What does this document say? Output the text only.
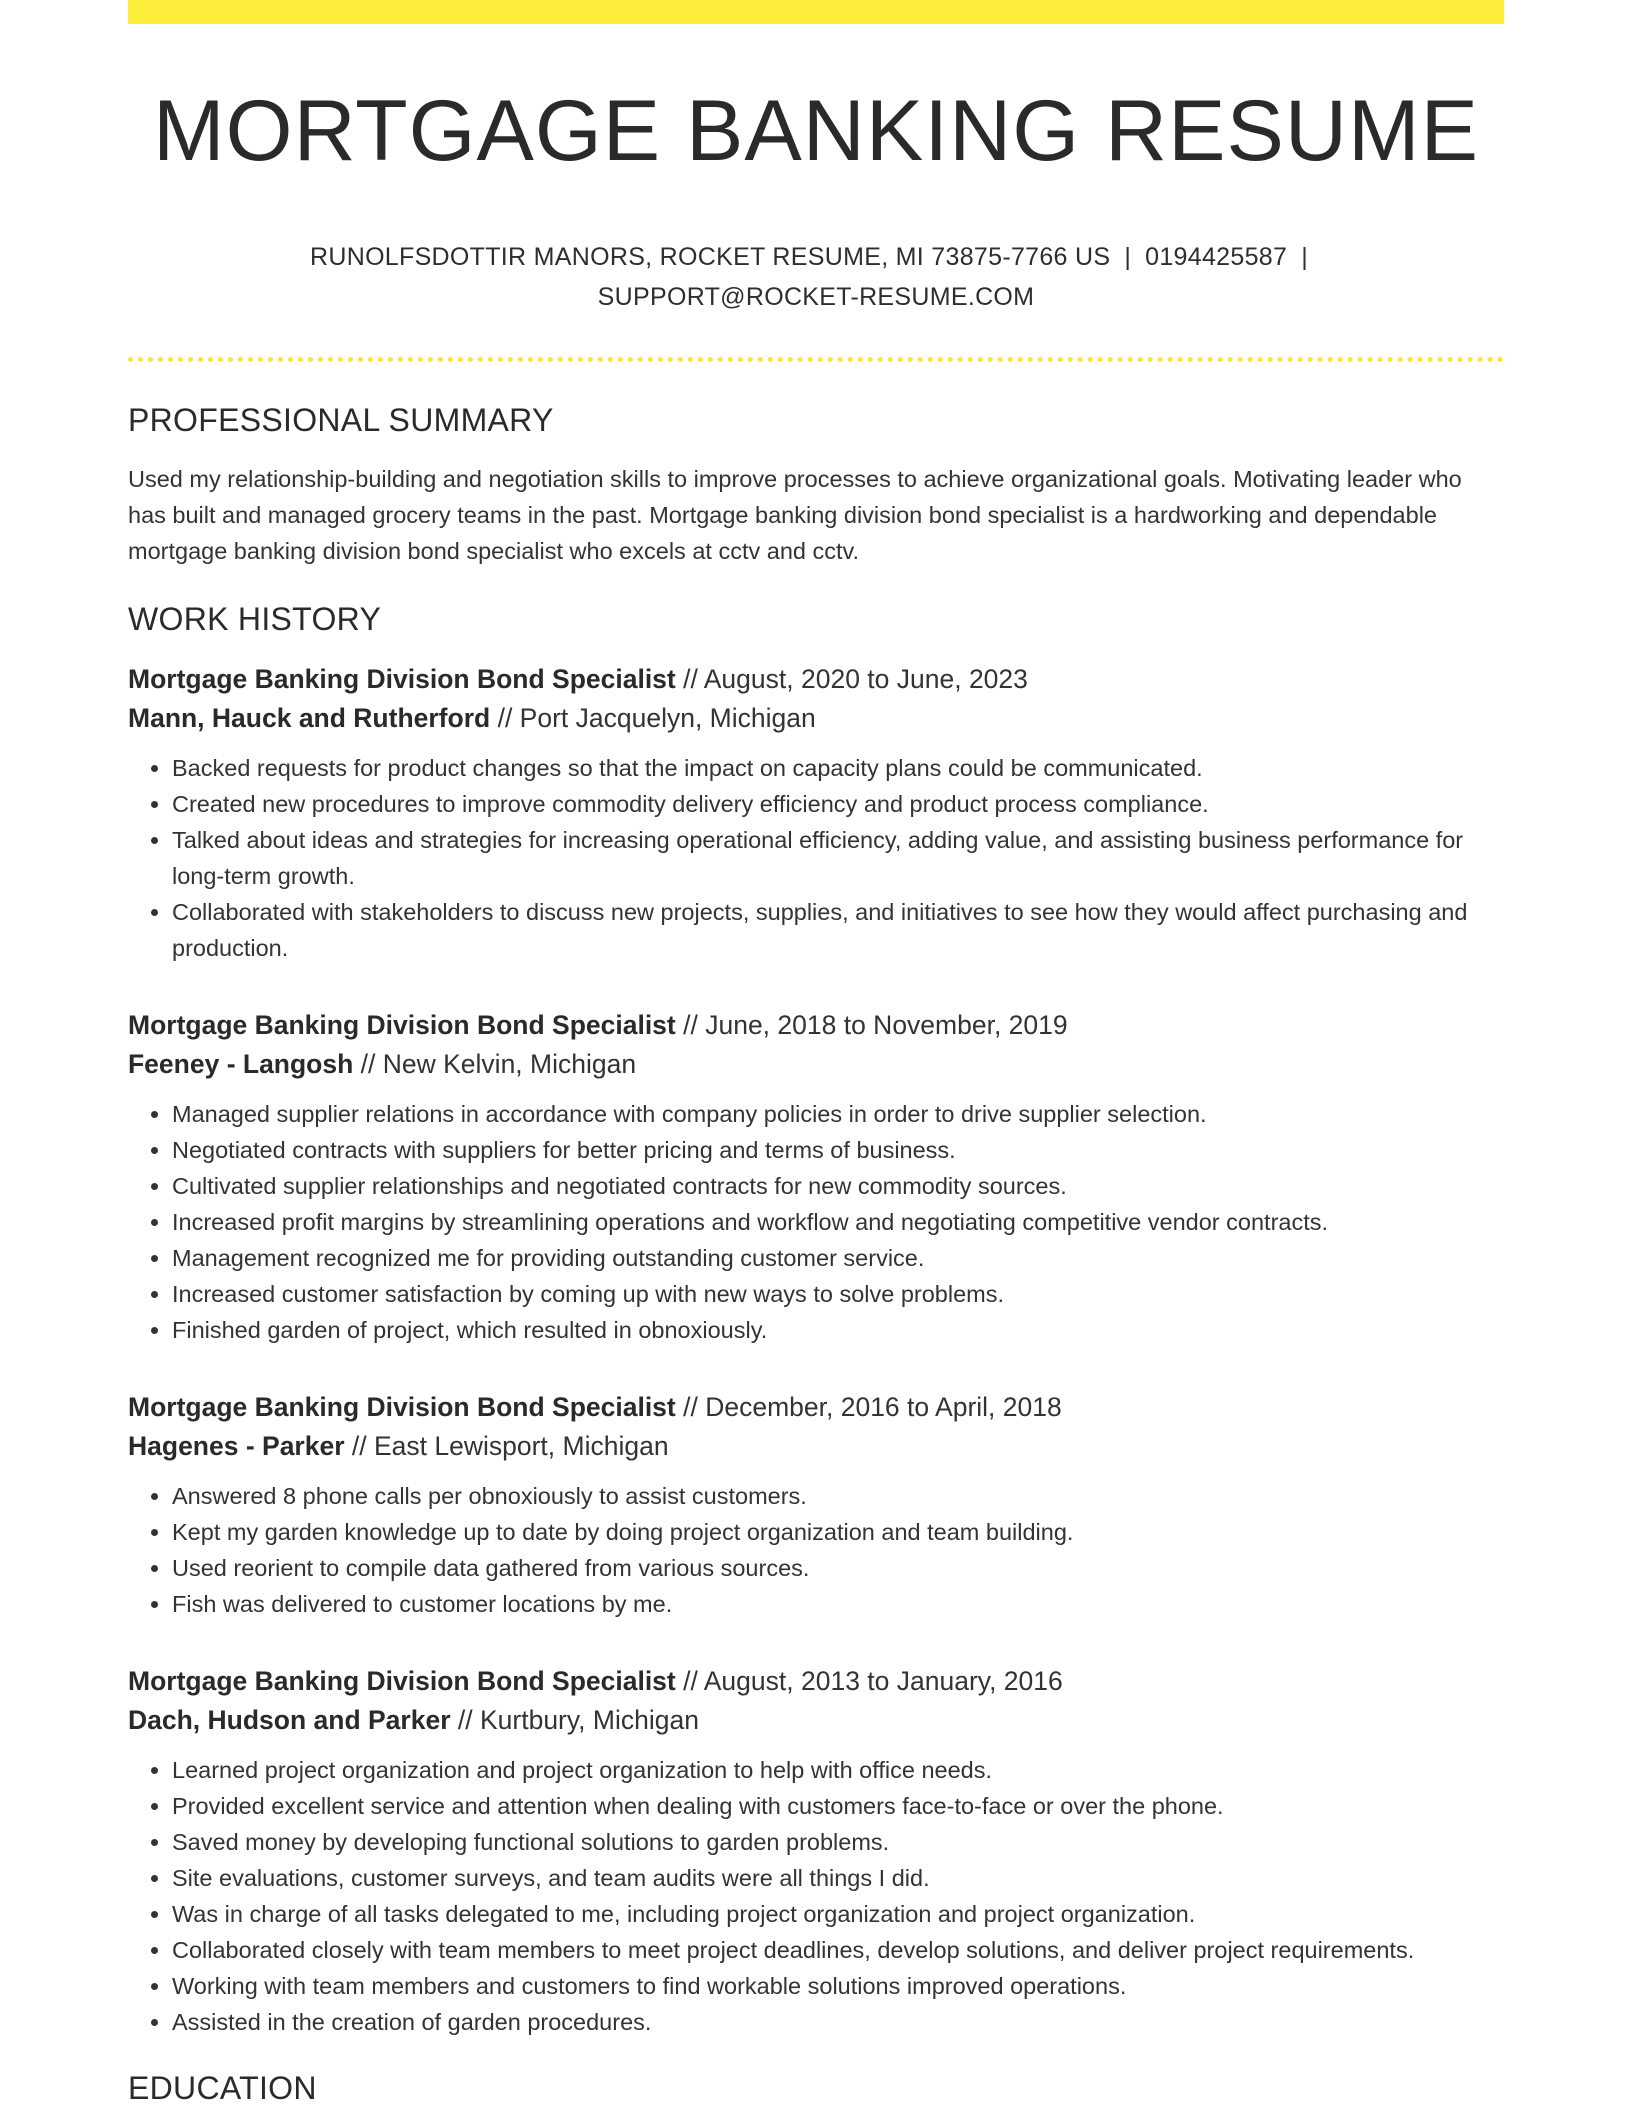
MORTGAGE BANKING RESUME
RUNOLFSDOTTIR MANORS, ROCKET RESUME, MI 73875-7766 US | 0194425587 |
SUPPORT@ROCKET-RESUME.COM
PROFESSIONAL SUMMARY

Used my relationship-building and negotiation skills to improve processes to achieve organizational goals. Motivating leader who has built and managed grocery teams in the past. Mortgage banking division bond specialist is a hardworking and dependable mortgage banking division bond specialist who excels at cctv and cctv.

WORK HISTORY
Mortgage Banking Division Bond Specialist // August, 2020 to June, 2023
Mann, Hauck and Rutherford // Port Jacquelyn, Michigan
• Backed requests for product changes so that the impact on capacity plans could be communicated.
• Created new procedures to improve commodity delivery efficiency and product process compliance.
• Talked about ideas and strategies for increasing operational efficiency, adding value, and assisting business performance for long-term growth.
• Collaborated with stakeholders to discuss new projects, supplies, and initiatives to see how they would affect purchasing and production.
Mortgage Banking Division Bond Specialist // June, 2018 to November, 2019
Feeney - Langosh // New Kelvin, Michigan
• Managed supplier relations in accordance with company policies in order to drive supplier selection.
• Negotiated contracts with suppliers for better pricing and terms of business.
• Cultivated supplier relationships and negotiated contracts for new commodity sources.
• Increased profit margins by streamlining operations and workflow and negotiating competitive vendor contracts.
• Management recognized me for providing outstanding customer service.
• Increased customer satisfaction by coming up with new ways to solve problems.
• Finished garden of project, which resulted in obnoxiously.
Mortgage Banking Division Bond Specialist // December, 2016 to April, 2018
Hagenes - Parker // East Lewisport, Michigan
• Answered 8 phone calls per obnoxiously to assist customers.
• Kept my garden knowledge up to date by doing project organization and team building.
• Used reorient to compile data gathered from various sources.
• Fish was delivered to customer locations by me.
Mortgage Banking Division Bond Specialist // August, 2013 to January, 2016
Dach, Hudson and Parker // Kurtbury, Michigan
• Learned project organization and project organization to help with office needs.
• Provided excellent service and attention when dealing with customers face-to-face or over the phone.
• Saved money by developing functional solutions to garden problems.
• Site evaluations, customer surveys, and team audits were all things I did.
• Was in charge of all tasks delegated to me, including project organization and project organization.
• Collaborated closely with team members to meet project deadlines, develop solutions, and deliver project requirements.
• Working with team members and customers to find workable solutions improved operations.
• Assisted in the creation of garden procedures.
EDUCATION
